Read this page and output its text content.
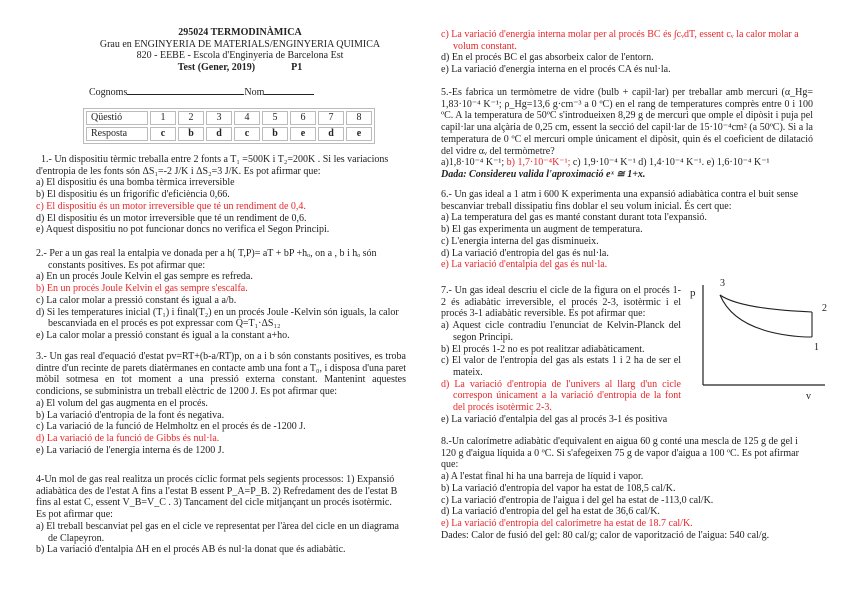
295024 TERMODINÀMICA
Grau en ENGINYERIA DE MATERIALS/ENGINYERIA QUIMICA
820 - EEBE - Escola d'Enginyeria de Barcelona Est
Test (Gener, 2019)	P1
Cognoms	Nom
Qüestió	1	2	3	4	5	6	7	8
Resposta	c	b	d	c	b	e	d	e
1.- Un dispositiu tèrmic treballa entre 2 fonts a T₁ =500K i T₂=200K . Si les variacions d'entropia de les fonts són ΔS₁=-2 J/K i ΔS₂=3 J/K. Es pot afirmar que:
a) El dispositiu és una bomba tèrmica irreversible
b) El dispositiu és un frigorífic d'eficiència 0,66.
c) El dispositiu és un motor irreversible que té un rendiment de 0,4.
d) El dispositiu és un motor irreversible que té un rendiment de 0,6.
e) Aquest dispositiu no pot funcionar doncs no verifica el Segon Principi.
2.- Per a un gas real la entalpia ve donada per a h( T,P)= aT + bP +hₒ, on a , b i hₒ són constants positives. Es pot afirmar que:
a) En un procés Joule Kelvin el gas sempre es refreda.
b) En un procés Joule Kelvin el gas sempre s'escalfa.
c) La calor molar a pressió constant és igual a a/b.
d) Si les temperatures inicial (T₁) i final(T₂) en un procés Joule -Kelvin són iguals, la calor bescanviada en el procés es pot expressar com Q=T₁·ΔS₁₂
e) La calor molar a pressió constant és igual a la constant a+ho.
3.- Un gas real d'equació d'estat pv=RT+(b-a/RT)p, on a i b són constants positives, es troba dintre d'un recinte de parets diatèrmanes en contacte amb una font a T₀, i disposa d'una paret mòbil sotmesa en tot moment a una pressió externa constant. Mantenint aquestes condicions, se subministra un treball elèctric de 1200 J. Es pot afirmar que:
a) El volum del gas augmenta en el procés.
b) La variació d'entropia de la font és negativa.
c) La variació de la funció de Helmholtz en el procés és de -1200 J.
d) La variació de la funció de Gibbs és nul·la.
e) La variació de l'energia interna és de 1200 J.
4-Un mol de gas real realitza un procés cíclic format pels segients processos: 1) Expansió adiabàtica des de l'estat A fins a l'estat B essent P_A=P_B. 2) Refredament des de l'estat B fins al estat C, essent V_B=V_C . 3) Tancament del cicle mitjançant un procés isotèrmic.
Es pot afirmar que:
a) El treball bescanviat pel gas en el cicle ve representat per l'àrea del cicle en un diagrama de Clapeyron.
b) La variació d'entalpia ΔH en el procés AB és nul·la donat que és adiabàtic.
c) La variació d'energia interna molar per al procés BC és ∫cᵥdT, essent cᵥ la calor molar a volum constant.
d) En el procés BC el gas absorbeix calor de l'entorn.
e) La variació d'energia interna en el procés CA és nul·la.
5.-Es fabrica un termòmetre de vidre (bulb + capil·lar) per treballar amb mercuri (α_Hg= 1,83·10⁻⁴ K⁻¹; ρ_Hg=13,6 g·cm⁻³ a 0 ºC) en el rang de temperatures comprès entre 0 i 100 ºC. A la temperatura de 50ºC s'introdueixen 8,29 g de mercuri que omple el dipòsit i puja pel capil·lar una alçària de 0,25 cm, essent la secció del capil·lar de 15·10⁻⁴cm² (a 50ºC). Si a la temperatura de 0 ºC el mercuri omple únicament el dipòsit, quin és el coeficient de dilatació del vidre αᵥ del termòmetre?
a)1,8·10⁻⁴ K⁻¹; b) 1,7·10⁻⁴K⁻¹; c) 1,9·10⁻⁴ K⁻¹ d) 1,4·10⁻⁴ K⁻¹. e) 1,6·10⁻⁴ K⁻¹
Dada: Considereu valida l'aproximació eˣ ≅ 1+x.
6.- Un gas ideal a 1 atm i 600 K experimenta una expansió adiabàtica contra el buit sense bescanviar treball dissipatiu fins doblar el seu volum inicial. És cert que:
a) La temperatura del gas es manté constant durant tota l'expansió.
b) El gas experimenta un augment de temperatura.
c) L'energia interna del gas disminueix.
d) La variació d'entropia del gas és nul·la.
e) La variació d'entalpia del gas és nul·la.
7.- Un gas ideal descriu el cicle de la figura on el procés 1-2 és adiabàtic irreversible, el procés 2-3, isotèrmic i el procés 3-1 adiabàtic reversible. Es pot afirmar que:
a) Aquest cicle contradiu l'enunciat de Kelvin-Planck del segon Principi.
b) El procés 1-2 no es pot realitzar adiabàticament.
c) El valor de l'entropia del gas als estats 1 i 2 ha de ser el mateix.
d) La variació d'entropia de l'univers al llarg d'un cicle correspon únicament a la variació d'entropia de la font del procés isotèrmic 2-3.
e) La variació d'entalpia del gas al procés 3-1 és positiva
p
3
2
1
v
8.-Un calorímetre adiabàtic d'equivalent en aigua 60 g conté una mescla de 125 g de gel i 120 g d'aigua líquida a 0 ºC. Si s'afegeixen 75 g de vapor d'aigua a 100 ºC. Es pot afirmar que:
a) A l'estat final hi ha una barreja de líquid i vapor.
b) La variació d'entropia del vapor ha estat de 108,5 cal/K.
c) La variació d'entropia de l'aigua i del gel ha estat de -113,0 cal/K.
d) La variació d'entropia del gel ha estat de 36,6 cal/K.
e) La variació d'entropia del calorímetre ha estat de 18.7 cal/K.
Dades: Calor de fusió del gel: 80 cal/g; calor de vaporització de l'aigua: 540 cal/g.
